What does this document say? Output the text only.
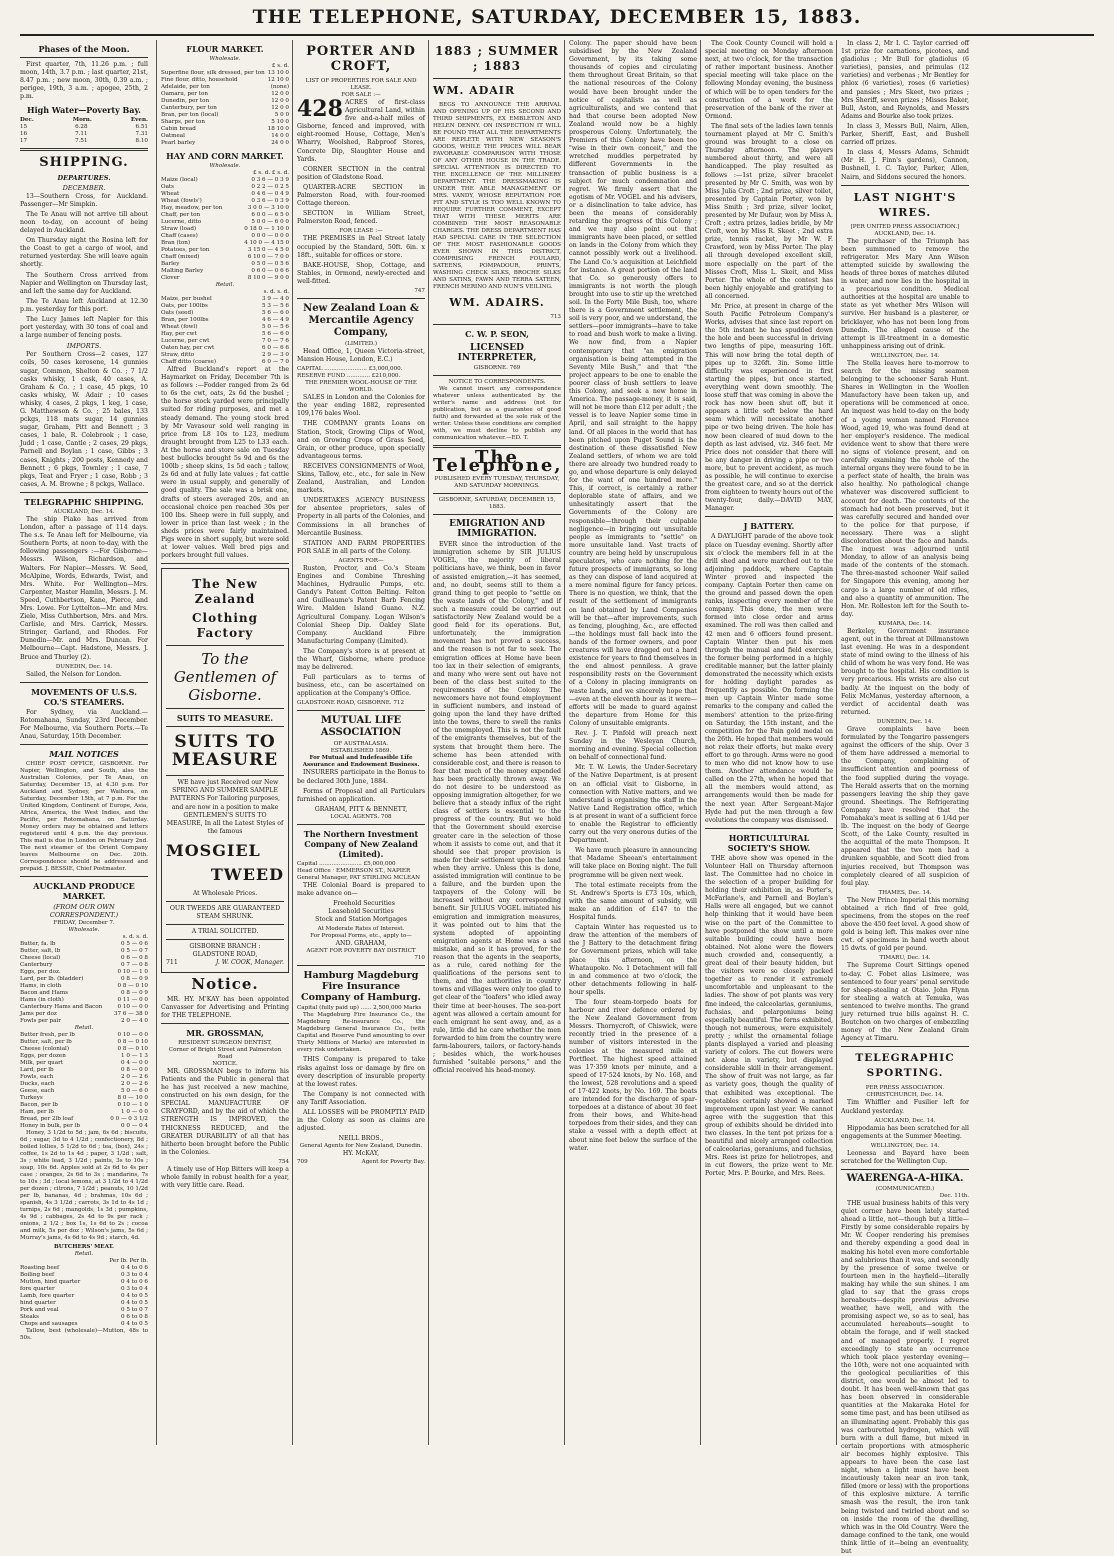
THE TELEPHONE, SATURDAY, DECEMBER 15, 1883.
Phases of the Moon.

First quarter, 7th, 11.26 p.m. ; full moon, 14th, 3.7 p.m. ; last quarter, 21st, 8.47 p.m. ; new moon, 30th, 0.39 a.m. ; perigee, 19th, 3 a.m. ; apogee, 25th, 2 p.m.

High Water—Poverty Bay.
Dec.	Morn.	Even.
15	6.28	6.51
16	7.11	7.31
17	7.51	8.10
SHIPPING.
DEPARTURES.
DECEMBER.

13—Southern Cross, for Auckland. Passenger—Mr Simpkin.

The Te Anau will not arrive till about noon to-day, on account of being delayed in Auckland.

On Thursday night the Rosina left for the Coast to get a cargo of wool, and returned yesterday. She will leave again shortly.

The Southern Cross arrived from Napier and Wellington on Thursday last, and left the same day for Auckland.

The Te Anau left Auckland at 12.30 p.m. yesterday for this port.

The Lucy James left Napier for this port yesterday, with 30 tons of coal and a large number of fencing posts.

IMPORTS.

Per Southern Cross—2 cases, 127 coils, 50 cases kerosene, 14 gunnies sugar, Common, Shelton & Co. ; 7 1/2 casks whisky, 1 cask, 40 cases, A. Graham & Co. ; 1 case, 45 pkgs, 10 casks whisky, W. Adair ; 10 cases whisky, 4 cases, 2 pkgs, 1 keg, 1 case, G. Matthewson & Co. ; 25 bales, 133 pckgs, 118 mats sugar, 14 gunnies sugar, Graham, Pitt and Bennett ; 3 cases, 1 bale, R. Colebrook ; 1 case, Judd ; 1 case, Cantle ; 2 cases, 29 pkgs, Parnell and Boylan ; 1 case, Gibbs ; 3 cases, Knights ; 200 posts, Kennedy and Bennett ; 6 pkgs, Townley ; 1 case, 7 pkgs, Teat and Fryer ; 1 case, Robb ; 3 cases, A. M. Browne ; 8 pckgs, Wallace.

TELEGRAPHIC SHIPPING.
AUCKLAND, Dec. 14.

The ship Piako has arrived from London, after a passage of 114 days. The s.s. Te Anau left for Melbourne, via Southern Ports, at noon to-day, with the following passengers :—For Gisborne—Messrs. Wilson, Richardson, and Walters. For Napier—Messrs. W. Seed, McAlpine, Words, Edwards, Twist, and Mrs. White. For Wellington—Mrs. Carpenter, Master Hamlin, Messrs. J. M. Speed, Cuthbertson, Kane, Pierce, and Mrs. Lowe. For Lyttelton—Mr. and Mrs. Ziele, Miss Cuthbertson, Mrs. and Mrs. Carlisle, and Mrs. Carrick, Messrs. Stringer, Garland, and Rhodes. For Dunedin—Mr. and Mrs. Duncan. For Melbourne—Capt. Hadstone, Messrs. J. Bruce and Thurley (2).

DUNEDIN, Dec. 14.

Sailed, the Nelson for London.

MOVEMENTS OF U.S.S. CO.'S STEAMERS.

For Sydney, via Auckland.—Rotomahana, Sunday, 23rd December. For Melbourne, via Southern Ports.—Te Anau, Saturday, 15th December.

MAIL NOTICES

CHIEF POST OFFICE, GISBORNE. For Napier, Wellington, and South, also the Australian Colonies, per Te Anau, on Saturday, December 15, at 4.30 p.m. For Auckland and Sydney, per Waihora, on Saturday, December 15th, at 7 p.m. For the United Kingdom, Continent of Europe, Asia, Africa, America, the West Indies, and the Pacific, per Rotomahana, on Saturday. Money orders may be obtained and letters registered until 4 p.m. the day previous. This mail is due in London on February 2nd. The next steamer of the Orient Company leaves Melbourne on Dec. 20th. Correspondence should be addressed and prepaid. J. BESSIE, Chief Postmaster.

AUCKLAND PRODUCE MARKET.
(FROM OUR OWN CORRESPONDENT.)
FRIDAY, December 7.
Wholesale.
s. d. s. d.
Butter, fa. lb	0 5 — 0 6
Butter, salt, lb	0 5 — 0 7
Cheese (local)	0 6 — 0 8
Canterbury	0 7 — 0 8
Eggs, per doz.	0 10 — 1 0
Lard, per lb. (bladder)	0 8 — 0 9
Hams, in cloth	0 8 — 0 10
Bacon and Hams	0 8 — 0 9
Hams (in cloth)	0 11 — 0 0
Canterbury Hams and Bacon	0 10 — 0 0
Jams per doz	37 6 — 38 0
Fowls per pair	2 0 — 4 0
Retail.
Butter fresh, per lb	0 10 — 0 0
Butter, salt, per lb	0 8 — 0 10
Cheese (colonial)	0 8 — 0 10
Eggs, per dozen	1 0 — 1 3
Milk, per quart	0 4 — 0 0
Lard, per lb	0 8 — 0 0
Fowls, each	2 0 — 2 6
Ducks, each	2 0 — 2 6
Geese, each	5 0 — 6 0
Turkeys	8 0 — 10 0
Bacon, per lb	0 10 — 1 0
Ham, per lb	1 0 — 0 0
Bread, per 2lb loaf	0 0 — 0 3 1/2
Honey in bulk, per lb	0 0 — 0 4

Honey, 3 1/2d to 5d ; jam, 6s 6d ; biscuits, 6d ; sugar, 3d to 4 1/2d ; confectionery, 8d ; boiled lollies, 5 1/2d to 6d ; tea, (box), 24s ; coffee, 1s 2d to 1s 4d ; paper, 3 1/2d ; salt, 3s ; white lead, 3 1/2d ; paints, 3s to 10s ; soap, 10s 6d. Apples sold at 2s 6d to 4s per case ; oranges, 2s 6d to 3s ; mandarins, 7s to 10s ; 3d ; local lemons, at 3 1/2d to 4 1/2d per dozen ; citrons, 7 1/2d ; peanuts, 10 1/2d per lb, bananas, 4d ; brahmas, 10s 6d ; spanish, 4s 3 1/2d ; carrots, 3s 1d to 4s 1d ; turnips, 2s 6d ; mangolds, 1s 3d ; pumpkins, 4s 9d ; cabbages, 2s 4d to 9s per rack ; onions, 2 1/2 ; box 1s, 1s 6d to 2s ; cocoa and milk, 5s per doz ; Wilson's jams, 5s 6d ; Murray's jams, 4s 6d to 4s 9d ; starch, 4d.

BUTCHERS' MEAT.
Retail.
Per lb. Per lb.
Roasting beef	0 4 to 0 6
Boiling beef	0 3 to 0 4
Mutton, hind quarter	0 4 to 0 6
fore quarter	0 3 to 0 4
Lamb, fore quarter	0 4 to 0 5
hind quarter	0 4 to 0 5
Pork and veal	0 5 to 0 7
Steaks	0 6 to 0 8
Chops and sausages	0 4 to 0 5

Tallow, best (wholesale)—Mutton, 48s to 50s.

FLOUR MARKET.
Wholesale.
£ s. d.
Superfine flour, silk dressed, per ton 13 10 0
Fine flour, ditto, household	12 10 0
Adelaide, per ton	(none)
Oamaru, per ton	12 0 0
Dunedin, per ton	12 0 0
Canterbury, per ton	12 0 0
Bran, per ton (local)	5 0 0
Sharps, per ton	5 10 0
Cabin bread	18 10 0
Oatmeal	14 0 0
Pearl barley	24 0 0
HAY AND CORN MARKET.
Wholesale.
£ s. d. £ s. d.
Maize (local)	0 3 6 — 0 3 9
Oats	0 2 2 — 0 2 5
Wheat	0 4 6 — 0 4 9
Wheat (fowls')	0 3 6 — 0 3 9
Hay, meadow, per ton	3 0 0 — 3 10 0
Chaff, per ton	6 0 0 — 6 5 0
Lucerne, ditto	5 0 0 — 6 0 0
Straw (load)	0 18 0 — 1 10 0
Chaff (cases)	0 0 0 — 0 0 0
Bran (ton)	4 10 0 — 4 15 0
Potatoes, per ton	3 15 0 — 4 5 0
Chaff (mixed)	6 10 0 — 7 0 0
Barley	0 5 0 — 0 5 6
Malting Barley	0 6 0 — 0 6 6
Clover	8 10 0 — 9 0 0
Retail.
s. d. s. d.
Maize, per bushel	3 9 — 4 0
Oats, per 100lbs	5 3 — 5 6
Oats (seed)	5 6 — 6 0
Bran, per 100lbs	4 6 — 4 9
Wheat (fowl)	5 0 — 5 6
Hay, per cwt	5 6 — 6 0
Lucerne, per cwt	7 0 — 7 6
Oaten hay, per cwt	6 0 — 6 6
Straw, ditto	2 9 — 3 0
Chaff ditto (coarse)	6 0 — 7 0

Alfred Buckland's report at the Haymarket on Friday, December 7th is as follows :—Fodder ranged from 2s 6d to 6s the cwt, oats, 2s 6d the bushel ; the horse stock yarded were principally suited for riding purposes, and met a steady demand. The young stock bred by Mr Vavasour sold well ranging in price from L8 10s to L23, medium draught brought from L25 to L33 each. At the horse and store sale on Tuesday best bullocks brought 5s 9d and 6s the 100lb ; sheep skins, 1s 5d each ; tallow, 2s 6d and at fully late values ; fat cattle were in usual supply, and generally of good quality. The sale was a brisk one, drafts of steers averaged 20s, and an occasional choice pen reached 30s per 100 lbs. Sheep were in full supply, and lower in price than last week ; in the sheds prices were fairly maintained. Pigs were in short supply, but were sold at lower values. Well bred pigs and porkers brought full values.

The New Zealand
Clothing Factory
To the Gentlemen of Gisborne.
SUITS TO MEASURE.
SUITS TO MEASURE

WE have just Received our New SPRING AND SUMMER SAMPLE PATTERNS For Tailoring purposes, and are now in a position to make GENTLEMEN'S SUITS TO MEASURE, In all the Latest Styles of the famous

MOSGIEL
TWEED
At Wholesale Prices.
OUR TWEEDS ARE GUARANTEED STEAM SHRUNK.
A TRIAL SOLICITED.
GISBORNE BRANCH :
GLADSTONE ROAD,
711	J. W. COOK, Manager.
Notice.

MR. HY. M'KAY has been appointed Canvasser for Advertising and Printing for THE TELEPHONE.

MR. GROSSMAN,
RESIDENT SURGEON DENTIST,
Corner of Bright Street and Palmerston Road
NOTICE.

MR. GROSSMAN begs to inform his Patients and the Public in general that he has just received a new machine, constructed on his own design, for the SPECIAL MANUFACTURE OF CRAYFORD, and by the aid of which the STRENGTH IS IMPROVED, the THICKNESS REDUCED, and the GREATER DURABILITY of all that has hitherto been brought before the Public in the Colonies.

754

A timely use of Hop Bitters will keep a whole family in robust health for a year, with very little care. Read.

PORTER AND CROFT,
LIST OF PROPERTIES FOR SALE AND LEASE.
FOR SALE :—

428 ACRES of first-class Agricultural Land, within five and-a-half miles of Gisborne, fenced and improved, with eight-roomed House, Cottage, Men's Wharry, Woolshed, Rabproof Stores, Concrete Dip, Slaughter House and Yards.

CORNER SECTION in the central position of Gladstone Road.

QUARTER-ACRE SECTION in Palmerston Road, with four-roomed Cottage thereon.

SECTION in William Street, Palmerston Road, fenced.

FOR LEASE :—

THE PREMISES in Peel Street lately occupied by the Standard, 50ft. 6in. x 18ft., suitable for offices or store.

BAKE-HOUSE, Shop, Cottage, and Stables, in Ormond, newly-erected and well-fitted.

747
New Zealand Loan & Mercantile Agency Company,
(LIMITED.)

Head Office, 1, Queen Victoria-street, Mansion House, London, E.C.)

CAPITAL ........................ £3,000,000.
RESERVE FUND ............. £210,000.
THE PREMIER WOOL-HOUSE OF THE WORLD.

SALES in London and the Colonies for the year ending 1882, represented 109,176 bales Wool.

THE COMPANY grants Loans on Station, Stock, Growing Clips of Wool, and on Growing Crops of Grass Seed, Grain, or other produce, upon specially advantageous terms.

RECEIVES CONSIGNMENTS of Wool, Skins, Tallow, etc., etc., for sale in New Zealand, Australian, and London markets.

UNDERTAKES AGENCY BUSINESS for absentee proprietors, sales of Property in all parts of the Colonies, and Commissions in all branches of Mercantile Business.

STATION AND FARM PROPERTIES FOR SALE in all parts of the Colony.

AGENTS FOR—

Ruston, Proctor, and Co.'s Steam Engines and Combine Threshing Machines, Hydraulic Pumps, etc. Gandy's Patent Cotton Belting. Felton and Guilleaume's Patent Barb Fencing Wire. Malden Island Guano. N.Z. Agricultural Company. Logan Wilson's Colonial Sheep Dip. Oakley Slate Company. Auckland Fibre Manufacturing Company (Limited).

The Company's store is at present at the Wharf, Gisborne, where produce may be delivered.

Full particulars as to terms of business, etc., can be ascertained on application at the Company's Office.

GLADSTONE ROAD, GISBORNE. 712
MUTUAL LIFE ASSOCIATION
OF AUSTRALASIA.
ESTABLISHED 1869.
For Mutual and Indefeasible Life Assurance and Endowment Business.

INSURERS participate in the Bonus to be declared 30th June, 1884.

Forms of Proposal and all Particulars furnished on application.

GRAHAM, PITT & BENNETT,
LOCAL AGENTS. 708
The Northern Investment Company of New Zealand (Limited).
Capital ........................ £5,000,000
Head Office · EMMERSON ST., NAPIER
General Manager, PAT STIRLING MCLEAN

THE Colonial Board is prepared to make advance on—

Freehold Securities
Leasehold Securities
Stock and Station Mortgages

At Moderate Rates of Interest.
For Proposal Forms, etc., apply to—
AND. GRAHAM,
AGENT FOR POVERTY BAY DISTRICT
710
Hamburg Magdeburg Fire Insurance Company of Hamburg.
Capital (fully paid up) ...... 2,500,000 Marks

The Magdeburg Fire Insurance Co., the Magdeburg Re-insurance Co., the Magdeburg General Insurance Co., (with Capital and Reserve Fund amounting to over Thirty Millions of Marks) are interested in every risk undertaken.

THIS Company is prepared to take risks against loss or damage by fire on every description of insurable property at the lowest rates.

The Company is not connected with any Tariff Association.

ALL LOSSES will be PROMPTLY PAID in the Colony as soon as claims are adjusted.

NEILL BROS.,
General Agents for New Zealand, Dunedin.
HY. McKAY,
709	Agent for Poverty Bay.
1883 ; SUMMER ; 1883
WM. ADAIR

BEGS TO ANNOUNCE THE ARRIVAL AND OPENING UP OF HIS SECOND AND THIRD SHIPMENTS, EX EMBLETON AND HELEN DENNY. ON INSPECTION IT WILL BE FOUND THAT ALL THE DEPARTMENTS ARE REPLETE WITH NEW SEASON'S GOODS, WHILE THE PRICES WILL BEAR FAVORABLE COMPARISON WITH THOSE OF ANY OTHER HOUSE IN THE TRADE. SPECIAL ATTENTION IS DIRECTED TO THE EXCELLENCE OF THE MILLINERY DEPARTMENT. THE DRESSMAKING IS UNDER THE ABLE MANAGEMENT OF MRS. VANDY, WHOSE REPUTATION FOR FIT AND STYLE IS TOO WELL KNOWN TO REQUIRE FURTHER COMMENT, EXCEPT THAT WITH THESE MERITS ARE COMBINED THE MOST REASONABLE CHARGES. THE DRESS DEPARTMENT HAS HAD SPECIAL CARE IN THE SELECTION OF THE MOST FASHIONABLE GOODS EVER SHOWN IN THIS DISTRICT, COMPRISING FRENCH FOULARD, SATEENS, POMPADOUR, PRINTS, WASHING CHECK SILKS, BROCHE SILKS AND SATINS, FAWN AND TERRA SATEEN, FRENCH MERINO AND NUN'S VEILING.

WM. ADAIRS.
713
C. W. P. SEON,
LICENSED INTERPRETER,
GISBORNE. 769
NOTICE TO CORRESPONDENTS.

We cannot insert any correspondence whatever unless authenticated by the writer's name and address (not for publication, but as a guarantee of good faith) and forwarded at the sole risk of the writer. Unless these conditions are complied with, we must decline to publish any communication whatever.—ED. T.

The Telephone,
PUBLISHED EVERY TUESDAY, THURSDAY, AND SATURDAY MORNINGS.
GISBORNE, SATURDAY, DECEMBER 15, 1883.
EMIGRATION AND IMMIGRATION.

EVER since the introduction of the immigration scheme by SIR JULIUS VOGEL, the majority of liberal politicians have, we think, been in favor of assisted emigration,—it has seemed, and, no doubt, seems still to them a grand thing to get people to "settle on the waste lands of the Colony," and if such a measure could be carried out satisfactorily New Zealand would be a good field for its operations. But, unfortunately, the immigration movement has not proved a success, and the reason is not far to seek. The emigration offices at Home have been too lax in their selection of emigrants, and many who were sent out have not been of the class best suited to the requirements of the Colony. The newcomers have not found employment in sufficient numbers, and instead of going upon the land they have drifted into the towns, there to swell the ranks of the unemployed. This is not the fault of the emigrants themselves, but of the system that brought them here. The scheme has been attended with considerable cost, and there is reason to fear that much of the money expended has been practically thrown away. We do not desire to be understood as opposing immigration altogether, for we believe that a steady influx of the right class of settlers is essential to the progress of the country. But we hold that the Government should exercise greater care in the selection of those whom it assists to come out, and that it should see that proper provision is made for their settlement upon the land when they arrive. Unless this is done, assisted immigration will continue to be a failure, and the burden upon the taxpayers of the Colony will be increased without any corresponding benefit. Sir JULIUS VOGEL initiated his emigration and immigration measures, it was pointed out to him that the system adopted of appointing emigration agents at Home was a sad mistake, and so it has proved, for the reason that the agents in the seaports, as a rule, cared nothing for the qualifications of the persons sent to them, and the authorities in country towns and villages were only too glad to get clear of the "loafers" who idled away their time at beer-houses. The sea-port agent was allowed a certain amount for each emigrant he sent away, and, as a rule, little did he care whether the men forwarded to him from the country were farm-labourers, tailors, or factory-hands ; besides which, the work-houses furnished "suitable persons," and the official received his head-money.

Colony. The paper should have been subsidised by the New Zealand Government, by its taking some thousands of copies and circulating them throughout Great Britain, so that the national resources of the Colony would have been brought under the notice of capitalists as well as agriculturalists, and we contend that had that course been adopted New Zealand would now be a highly prosperous Colony. Unfortunately, the Premiers of this Colony have been too "wise in their own conceit," and the wretched muddles perpetrated by different Governments in the transaction of public business is a subject for much condemnation and regret. We firmly assert that the egotism of Mr. VOGEL and his advisers, or a disinclination to take advice, has been the means of considerably retarding the progress of this Colony ; and we may also point out that immigrants have been placed, or settled on lands in the Colony from which they cannot possibly work out a livelihood. The Land Co.'s acquisition at Leichfield for instance. A great portion of the land that Co. so generously offers to immigrants is not worth the plough brought into use to stir up the wretched soil. In the Forty Mile Bush, too, where there is a Government settlement, the soil is very poor, and we understand, the settlers—poor immigrants—have to take to road and bush work to make a living. We now find, from a Napier contemporary that "an emigration organisation is being attempted in the Seventy Mile Bush," and that "the project appears to be one to enable the poorer class of bush settlers to leave this Colony, and seek a new home in America. The passage-money, it is said, will not be more than £12 per adult ; the vessel is to leave Napier some time in April, and sail straight to the happy land. Of all places in the world that has been pitched upon Puget Sound is the destination of these dissatisfied New Zealand settlers, of whom we are told there are already two hundred ready to go, and whose departure is only delayed for the want of one hundred more." This, if correct, is certainly a rather deplorable state of affairs, and we unhesitatingly assert that the Governments of the Colony are responsible—through their culpable negligence—in bringing out unsuitable people as immigrants to "settle" on more unsuitable land. Vast tracts of country are being held by unscrupulous speculators, who care nothing for the future prospects of immigrants, so long as they can dispose of land acquired at a mere nominal figure for fancy prices. There is no question, we think, that the result of the settlement of immigrants on land obtained by Land Companies will be that—after improvements, such as fencing, ploughing, &c., are effected—the holdings must fall back into the hands of the former owners, and poor creatures will have dragged out a hard existence for years to find themselves in the end almost penniless. A grave responsibility rests on the Government of a Colony in placing immigrants on waste lands, and we sincerely hope that—even at the eleventh hour as it were—efforts will be made to guard against the departure from Home for this Colony of unsuitable emigrants.

Rev. J. T. Pinfold will preach next Sunday in the Wesleyan Church, morning and evening. Special collection on behalf of connectional fund.

Mr. T. W. Lewis, the Under-Secretary of the Native Department, is at present on an official visit to Gisborne, in connection with Native matters, and we understand is organising the staff in the Native Land Registration office, which is at present in want of a sufficient force to enable the Registrar to efficiently carry out the very onerous duties of the Department.

We have much pleasure in announcing that Madame Sheean's entertainment will take place on Boxing night. The full programme will be given next week.

The total estimate receipts from the St. Andrew's Sports is £73 10s, which, with the same amount of subsidy, will make an addition of £147 to the Hospital funds.

Captain Winter has requested us to draw the attention of the members of the J Battery to the detachment firing for Government prizes, which will take place this afternoon, on the Whataupoko. No. 1 Detachment will fall in and commence at two o'clock, the other detachments following in half-hour spells.

The four steam-torpedo boats for harbour and river defence ordered by the New Zealand Government from Messrs. Thornycroft, of Chiswick, were recently tried in the presence of a number of visitors interested in the colonies at the measured mile at Portfleet. The highest speed attained was 17·359 knots per minute, and a speed of 17·524 knots, by No. 168, and the lowest, 528 revolutions and a speed of 17·422 knots, by No. 169. The boats are intended for the discharge of spar-torpedoes at a distance of about 30 feet from their bows, and White-head torpedoes from their sides, and they can stake a vessel with a depth effect at about nine feet below the surface of the water.

The Cook County Council will hold a special meeting on Monday afternoon next, at two o'clock, for the transaction of rather important business. Another special meeting will take place on the following Monday evening, the business of which will be to open tenders for the construction of a work for the preservation of the bank of the river at Ormond.

The final sets of the ladies lawn tennis tournament played at Mr C. Smith's ground was brought to a close on Thursday afternoon. The players numbered about thirty, and were all handicapped. The play resulted as follows :—1st prize, silver bracelet presented by Mr C. Smith, was won by Miss Julia Croft ; 2nd prize, silver toilet, presented by Captain Porter, won by Miss Smith ; 3rd prize, silver locket, presented by Mr Dufaur, won by Miss A. Croft ; extra prizes, ladies bridle, by Mr Croft, won by Miss R. Skeet ; 2nd extra prize, tennis racket, by Mr W. F. Crawford, won by Miss Porter. The play all through developed excellent skill, more especially on the part of the Misses Croft, Miss L. Skeit, and Miss Porter. The whole of the contest has been highly enjoyable and gratifying to all concerned.

Mr. Price, at present in charge of the South Pacific Petroleum Company's Works, advises that since last report on the 5th instant he has spudded down the hole and been successful in driving two lengths of pipe, measuring 16ft. This will now bring the total depth of pipes up to 326ft. 3in. Some little difficulty was experienced in first starting the pipes, but once started, everything went down smoothly. The loose stuff that was coming in above the rock has now been shut off, but it appears a little soft below the hard seam which will necessitate another pipe or two being driven. The hole has now been cleared of mud down to the depth as last advised, viz. 346 feet. Mr Price does not consider that there will be any danger in driving a pipe or two more, but to prevent accident, as much as possible, he will continue to exercise the greatest care, and so at the derrick from eighteen to twenty hours out of the twenty-four, daily.—DAVID MAY, Manager.

J BATTERY.

A DAYLIGHT parade of the above took place on Tuesday evening. Shortly after six o'clock the members fell in at the drill shed and were marched out to the adjoining paddock, where Captain Winter proved and inspected the company. Captain Porter then came on the ground and passed down the open ranks, inspecting every member of the company. This done, the men were formed into close order and arms examined. The roll was then called and 42 men and 6 officers found present. Captain Winter then put his men through the manual and field exercise, the former being performed in a highly creditable manner, but the latter plainly demonstrated the necessity which exists for holding daylight parades as frequently as possible. On forming the men up Captain Winter made some remarks to the company and called the members' attention to the prize-firing on Saturday, the 15th instant, and the competition for the Pain gold medal on the 26th. He hoped that members would not relax their efforts, but make every effort to go through. Arms were no good to men who did not know how to use them. Another attendance would be called on the 27th, when he hoped that all the members would attend, as arrangements would then be made for the next year. After Sergeant-Major Hyde had put the men through a few evolutions the company was dismissed.

HORTICULTURAL SOCIETY'S SHOW.

THE above show was opened in the Volunteer Hall on Thursday afternoon last. The Committee had no choice in the selection of a proper building for holding their exhibition in, as Porter's, McFarlane's, and Parnell and Boylan's Halls were all engaged, but we cannot help thinking that it would have been wise on the part of the Committee to have postponed the show until a more suitable building could have been obtained. Not alone were the flowers much crowded and, consequently, a great deal of their beauty hidden, but the visitors were so closely packed together as to render it extremely uncomfortable and unpleasant to the ladies. The show of pot plants was very fine indeed, the calceolarias, geraniums, fuchsias, and pelargoniums being especially beautiful. The ferns exhibited, though not numerous, were exquisitely pretty ; whilst the ornamental foliage plants displayed a varied and pleasing variety of colors. The cut flowers were not alone in variety, but displayed considerable skill in their arrangement. The show of fruit was not large, as far as variety goes, though the quality of that exhibited was exceptional. The vegetables certainly showed a marked improvement upon last year. We cannot agree with the suggestion that this group of exhibits should be divided into two classes. In the tent pot prizes for a beautiful and nicely arranged collection of calceolarias, geraniums, and fuchsias, Mrs. Rees ist prize for heliotropes, and in cut flowers, the prize went to Mr. Porter, Mrs. P. Bourke, and Mrs. Rees.

In class 2, Mr I. C. Taylor carried off 1st prize for carnations, picotees, and gladiolus ; Mr Bull for gladiolus (6 varieties), pansies, and primulas (12 varieties) and verbenas ; Mr Bentley for phlox (6 varieties), roses (6 varieties) and pansies ; Mrs Skeet, two prizes ; Mrs Sheriff, seven prizes ; Misses Baker, Bull, Aston, and Reynolds, and Messrs Adams and Bourke also took prizes.

In class 3, Messrs Bull, Nairn, Allen, Parker, Sheriff, East, and Bushell carried off prizes.

In class 4, Messrs Adams, Schmidt (Mr H. J. Finn's gardens), Cannon, Bushnell, I. C. Taylor, Parker, Allen, Nairn, and Siddons secured the honors.

LAST NIGHT'S WIRES.
[PER UNITED PRESS ASSOCIATION.]
AUCKLAND, Dec. 14.

The purchaser of the Triumph has been summoned to remove the refrigerator. Mrs Mary Ann Wilson attempted suicide by swallowing the heads of three boxes of matches diluted in water, and now lies in the hospital in a precarious condition. Medical authorities at the hospital are unable to state as yet whether Mrs Wilson will survive. Her husband is a plasterer, or bricklayer, who has not been long from Dunedin. The alleged cause of the attempt is ill-treatment in a domestic unhappiness arising out of drink.

WELLINGTON, Dec. 14.

The Stella leaves here to-morrow to search for the missing seamen belonging to the schooner Sarah Hunt. Shares in Wellington in the Woollen Manufactory have been taken up, and operations will be commenced at once. An inquest was held to-day on the body of a young woman named Florence Wood, aged 19, who was found dead at her employer's residence. The medical evidence went to show that there were no signs of violence present, and on carefully examining the whole of the internal organs they were found to be in a perfect state of health, the brain was also healthy. No pathological change whatever was discovered sufficient to account for death. The contents of the stomach had not been preserved, but it was carefully secured and handed over to the police for that purpose, if necessary. There was a slight discoloration about the face and hands. The inquest was adjourned until Monday, to allow of an analysis being made of the contents of the stomach. The three-masted schooner Waif sailed for Singapore this evening, among her cargo is a large number of old rifles, and also a quantity of ammunition. The Hon. Mr. Rolleston left for the South to-day.

KUMARA, Dec. 14.

Berkeley, Government insurance agent, out in the threat at Dillmanstown last evening. He was in a despondent state of mind owing to the illness of his child of whom he was very fond. He was brought to the hospital. His condition is very precarious. His wrists are also cut badly. At the inquest on the body of Felix McManus, yesterday afternoon, a verdict of accidental death was returned.

DUNEDIN, Dec. 14.

Grave complaints have been formulated by the Tongariro passengers against the officers of the ship. Over 3 of them have addressed a memorial to the Company, complaining of insufficient attention and poorness of the food supplied during the voyage. The Herald asserts that on the morning passengers leaving the ship they gave ground. Sheetings. The Refrigerating Company have resolved that the Pomahaka's meat is selling at 6 1/4d per lb. The inquest on the body of George Scott, of the Lake County, resulted in the acquittal of the mate Thompson. It appeared that the two men had a drunken squabble, and Scott died from injuries received, but Thompson was completely cleared of all suspicion of foul play.

THAMES, Dec. 14.

The New Prince Imperial this morning obtained a rich find of free gold, specimens, from the stopes on the reef above the 450 feet level. A good show of gold is being left. This makes over nine cwt. of specimens in hand worth about 15 dwts. of gold per pound.

TIMARU, Dec. 14.

The Supreme Court Sittings opened to-day. C. Fobet alias Lisimere, was sentenced to four years' penal servitude for sheep-stealing at Otaio. John Flynn for stealing a watch at Temuka, was sentenced to twelve months. The grand jury returned true bills against H. C. Boutchon on two charges of embezzling money of the New Zealand Grain Agency at Timaru.

TELEGRAPHIC SPORTING.
PER PRESS ASSOCIATION.
CHRISTCHURCH, Dec. 14.

Tim Whiffler and Fusilier left for Auckland yesterday.

AUCKLAND, Dec. 14.

Hippodamia has been scratched for all engagements at the Summer Meeting.

WELLINGTON, Dec. 14.

Leonessa and Bayard have been scratched for the Wellington Cup.

WAERENGA-A-HIKA.
(COMMUNICATED.)
Dec. 11th.

THE usual business habits of this very quiet corner have been lately started ahead a little, not—though but a little—Firstly by some considerable repairs by Mr. W. Cooper rendering his premises and thereby expending a good deal in making his hotel even more comfortable and salubrious than it was, and secondly by the presence of some twelve or fourteen men in the hayfield—literally making hay while the sun shines. I am glad to say that the grass crops hereabouts—despite previous adverse weather, have well, and with the promising aspect we, so as to seal, has accumulated hereabouts—sought to obtain the forage, and if well stacked and of managed properly. I regret exceedingly to state an occurrence which took place yesterday evening—the 10th, were not one acquainted with the geological peculiarities of this district, one would be almost led to doubt. It has been well-known that gas has been observed in considerable quantities at the Makaraka Hotel for some time past, and has been utilised as an illuminating agent. Probably this gas was carburetted hydrogen, which will burn with a dull flame, but mixed in certain proportions with atmospheric air becomes highly explosive. This appears to have been the case last night, when a light must have been incautiously taken near an iron tank, filled (more or less) with the proportions of this explosive mixture. A terrific smash was the result, the iron tank being twisted and twirled about and so on inside the room of the dwelling, which was in the Old Country. Were the damage confined to the tank, one would think little of it—being an eventuality, but
